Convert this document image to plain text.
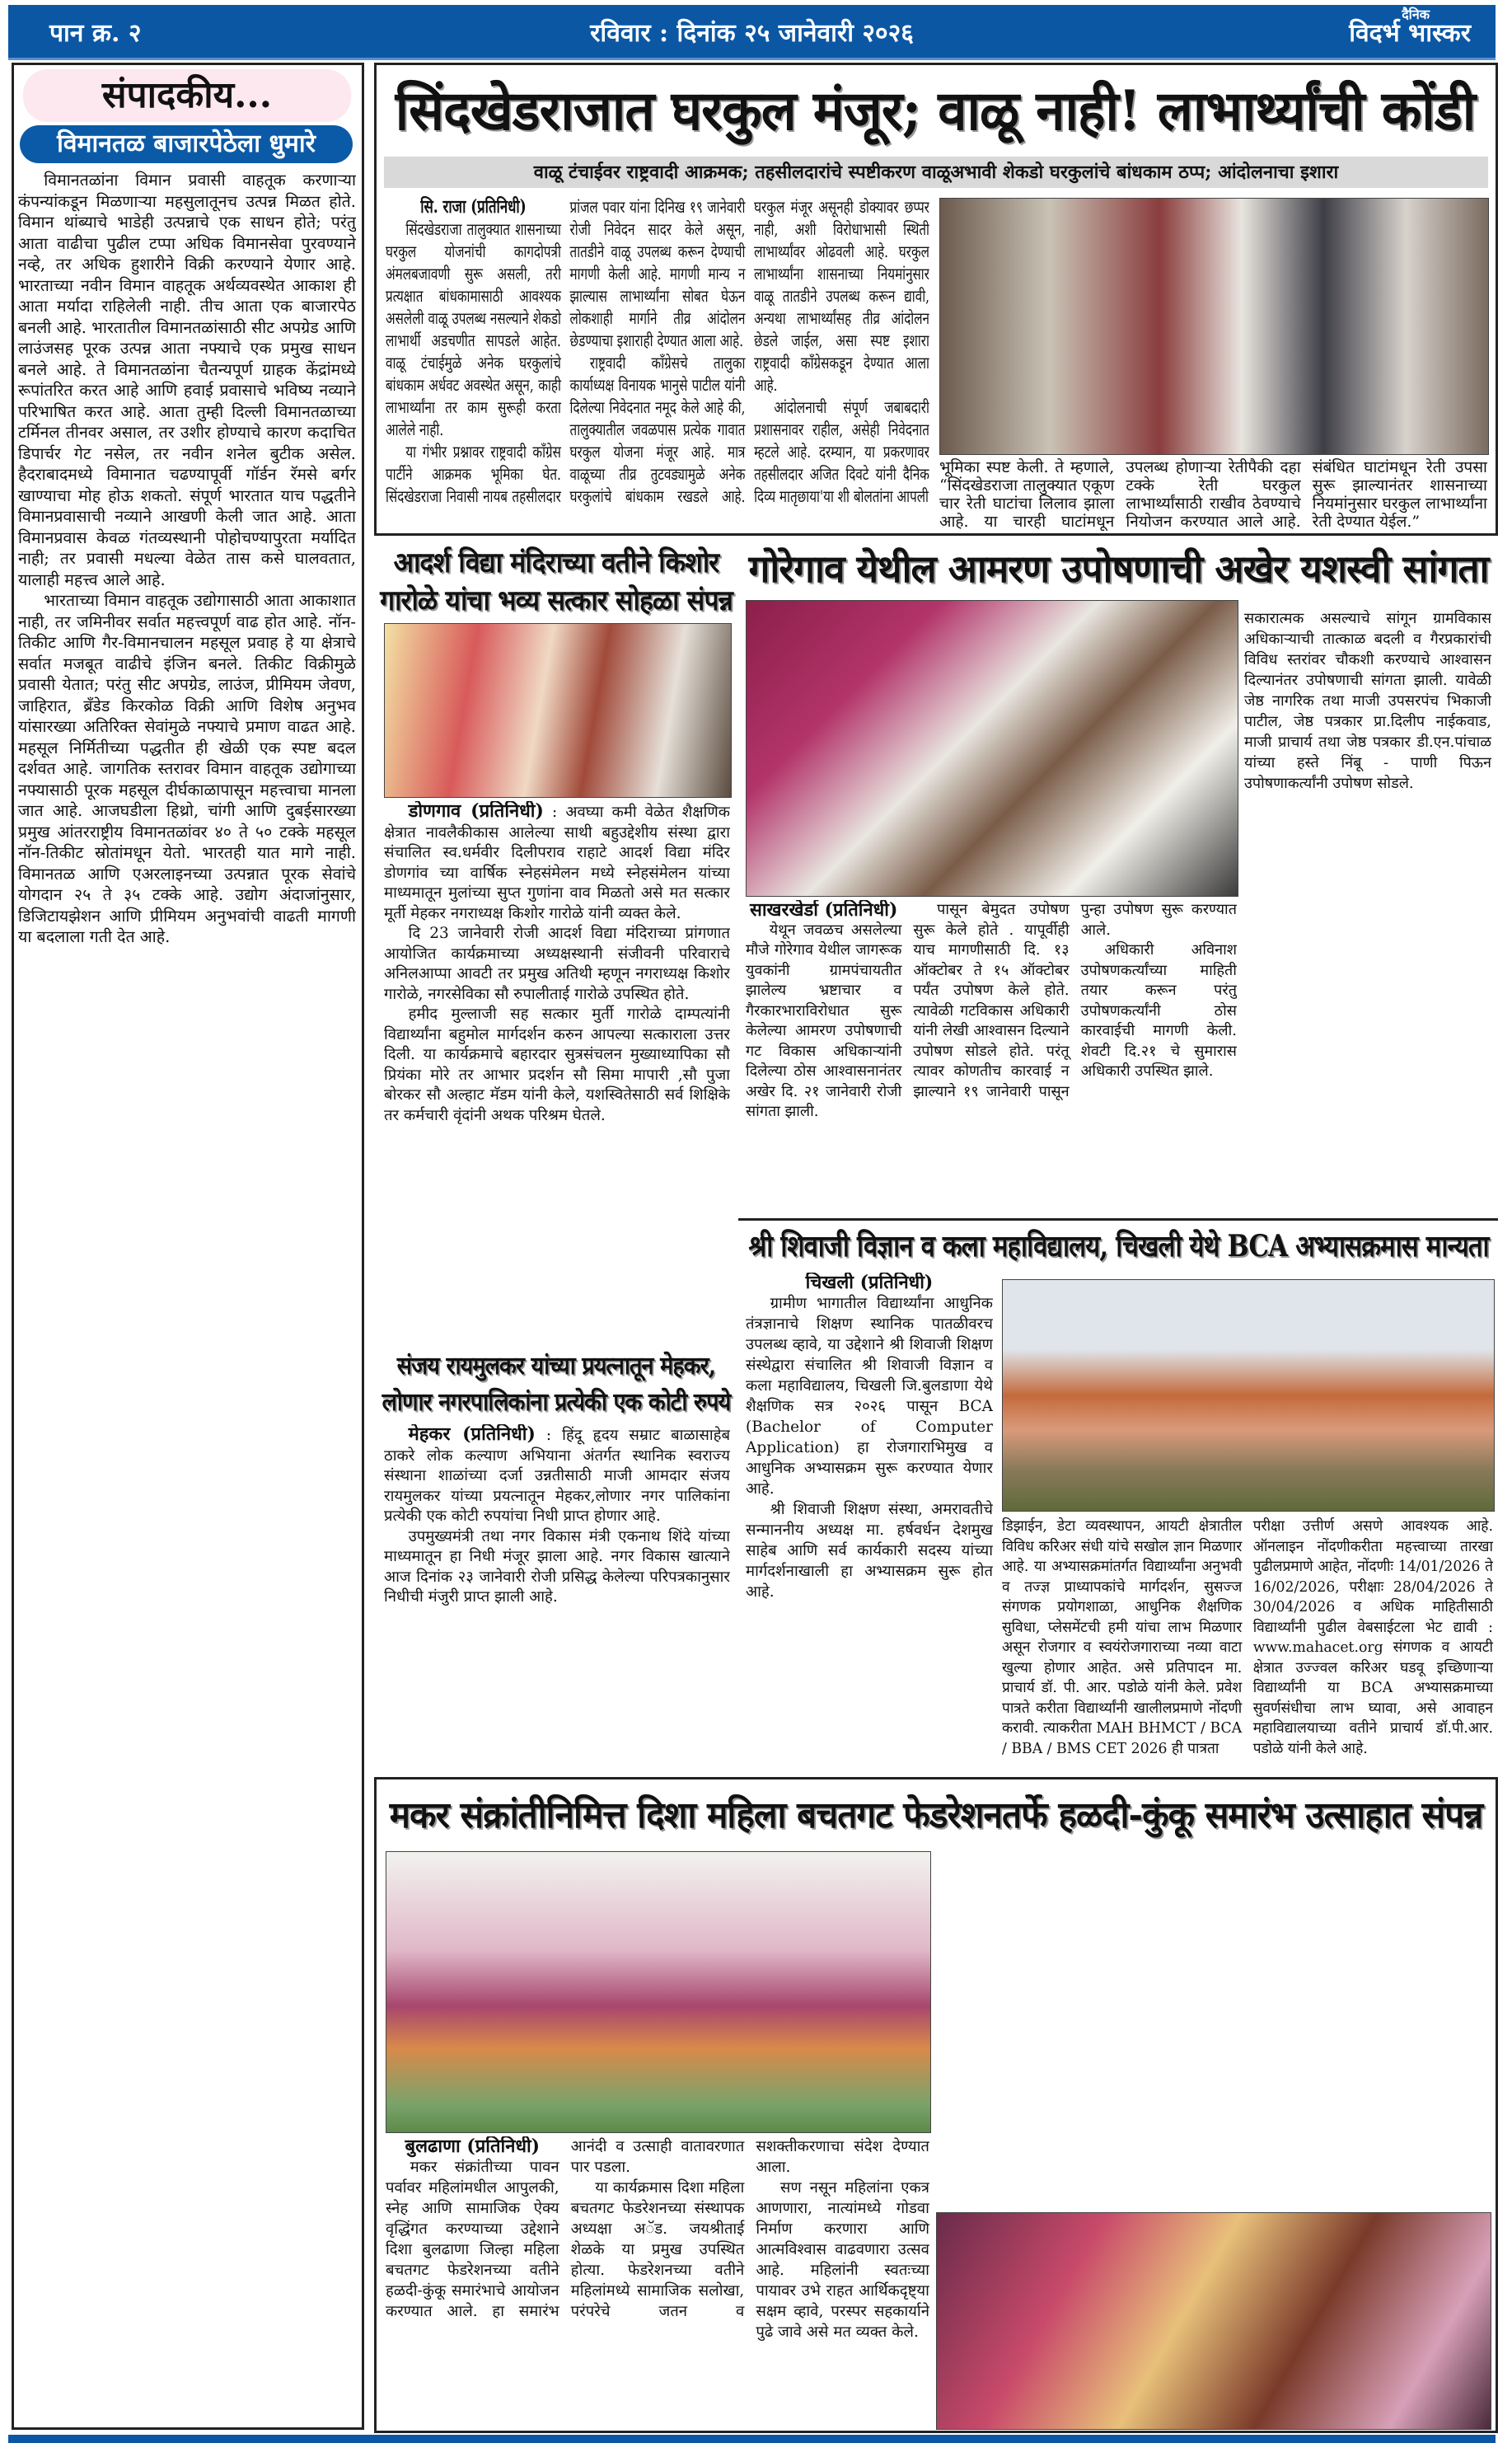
पान क्र. २	रविवार : दिनांक २५ जानेवारी २०२६
दैनिक
विदर्भ भास्कर
संपादकीय...
विमानतळ बाजारपेठेला धुमारे

विमानतळांना विमान प्रवासी वाहतूक करणाऱ्या कंपन्यांकडून मिळणाऱ्या महसुलातूनच उत्पन्न मिळत होते. विमान थांब्याचे भाडेही उत्पन्नाचे एक साधन होते; परंतु आता वाढीचा पुढील टप्पा अधिक विमानसेवा पुरवण्याने नव्हे, तर अधिक हुशारीने विक्री करण्याने येणार आहे. भारताच्या नवीन विमान वाहतूक अर्थव्यवस्थेत आकाश ही आता मर्यादा राहिलेली नाही. तीच आता एक बाजारपेठ बनली आहे. भारतातील विमानतळांसाठी सीट अपग्रेड आणि लाउंजसह पूरक उत्पन्न आता नफ्याचे एक प्रमुख साधन बनले आहे. ते विमानतळांना चैतन्यपूर्ण ग्राहक केंद्रांमध्ये रूपांतरित करत आहे आणि हवाई प्रवासाचे भविष्य नव्याने परिभाषित करत आहे. आता तुम्ही दिल्ली विमानतळाच्या टर्मिनल तीनवर असाल, तर उशीर होण्याचे कारण कदाचित डिपार्चर गेट नसेल, तर नवीन शनेल बुटीक असेल. हैदराबादमध्ये विमानात चढण्यापूर्वी गॉर्डन रॅमसे बर्गर खाण्याचा मोह होऊ शकतो. संपूर्ण भारतात याच पद्धतीने विमानप्रवासाची नव्याने आखणी केली जात आहे. आता विमानप्रवास केवळ गंतव्यस्थानी पोहोचण्यापुरता मर्यादित नाही; तर प्रवासी मधल्या वेळेत तास कसे घालवतात, यालाही महत्त्व आले आहे.

भारताच्या विमान वाहतूक उद्योगासाठी आता आकाशात नाही, तर जमिनीवर सर्वात महत्त्वपूर्ण वाढ होत आहे. नॉन-तिकीट आणि गैर-विमानचालन महसूल प्रवाह हे या क्षेत्राचे सर्वात मजबूत वाढीचे इंजिन बनले. तिकीट विक्रीमुळे प्रवासी येतात; परंतु सीट अपग्रेड, लाउंज, प्रीमियम जेवण, जाहिरात, ब्रँडेड किरकोळ विक्री आणि विशेष अनुभव यांसारख्या अतिरिक्त सेवांमुळे नफ्याचे प्रमाण वाढत आहे. महसूल निर्मितीच्या पद्धतीत ही खेळी एक स्पष्ट बदल दर्शवत आहे. जागतिक स्तरावर विमान वाहतूक उद्योगाच्या नफ्यासाठी पूरक महसूल दीर्घकाळापासून महत्त्वाचा मानला जात आहे. आजघडीला हिथ्रो, चांगी आणि दुबईसारख्या प्रमुख आंतरराष्ट्रीय विमानतळांवर ४० ते ५० टक्के महसूल नॉन-तिकीट स्रोतांमधून येतो. भारतही यात मागे नाही. विमानतळ आणि एअरलाइनच्या उत्पन्नात पूरक सेवांचे योगदान २५ ते ३५ टक्के आहे. उद्योग अंदाजांनुसार, डिजिटायझेशन आणि प्रीमियम अनुभवांची वाढती मागणी या बदलाला गती देत आहे.

सिंदखेडराजात घरकुल मंजूर; वाळू नाही! लाभार्थ्यांची कोंडी
वाळू टंचाईवर राष्ट्रवादी आक्रमक; तहसीलदारांचे स्पष्टीकरण वाळूअभावी शेकडो घरकुलांचे बांधकाम ठप्प; आंदोलनाचा इशारा
सि. राजा (प्रतिनिधी)

सिंदखेडराजा तालुक्यात शासनाच्या घरकुल योजनांची कागदोपत्री अंमलबजावणी सुरू असली, तरी प्रत्यक्षात बांधकामासाठी आवश्यक असलेली वाळू उपलब्ध नसल्याने शेकडो लाभार्थी अडचणीत सापडले आहेत. वाळू टंचाईमुळे अनेक घरकुलांचे बांधकाम अर्धवट अवस्थेत असून, काही लाभार्थ्यांना तर काम सुरूही करता आलेले नाही.

या गंभीर प्रश्नावर राष्ट्रवादी कॉंग्रेस पार्टीने आक्रमक भूमिका घेत. सिंदखेडराजा निवासी नायब तहसीलदार प्रांजल पवार यांना दिनिख १९ जानेवारी रोजी निवेदन सादर केले असून, तातडीने वाळू उपलब्ध करून देण्याची मागणी केली आहे. मागणी मान्य न झाल्यास लाभार्थ्यांना सोबत घेऊन लोकशाही मार्गाने तीव्र आंदोलन छेडण्याचा इशाराही देण्यात आला आहे.

राष्ट्रवादी कॉंग्रेसचे तालुका कार्याध्यक्ष विनायक भानुसे पाटील यांनी दिलेल्या निवेदनात नमूद केले आहे की, तालुक्यातील जवळपास प्रत्येक गावात घरकुल योजना मंजूर आहे. मात्र वाळूच्या तीव्र तुटवड्यामुळे अनेक घरकुलांचे बांधकाम रखडले आहे. घरकुल मंजूर असूनही डोक्यावर छप्पर नाही, अशी विरोधाभासी स्थिती लाभार्थ्यांवर ओढवली आहे. घरकुल लाभार्थ्यांना शासनाच्या नियमांनुसार वाळू तातडीने उपलब्ध करून द्यावी, अन्यथा लाभार्थ्यांसह तीव्र आंदोलन छेडले जाईल, असा स्पष्ट इशारा राष्ट्रवादी कॉंग्रेसकडून देण्यात आला आहे.

आंदोलनाची संपूर्ण जबाबदारी प्रशासनावर राहील, असेही निवेदनात म्हटले आहे. दरम्यान, या प्रकरणावर तहसीलदार अजित दिवटे यांनी दैनिक दिव्य मातृछाया'या शी बोलतांना आपली

भूमिका स्पष्ट केली. ते म्हणाले, “सिंदखेडराजा तालुक्यात एकूण चार रेती घाटांचा लिलाव झाला आहे. या चारही घाटांमधून उपलब्ध होणाऱ्या रेतीपैकी दहा टक्के रेती घरकुल लाभार्थ्यांसाठी राखीव ठेवण्याचे नियोजन करण्यात आले आहे. संबंधित घाटांमधून रेती उपसा सुरू झाल्यानंतर शासनाच्या नियमांनुसार घरकुल लाभार्थ्यांना रेती देण्यात येईल.”

आदर्श विद्या मंदिराच्या वतीने किशोर गारोळे यांचा भव्य सत्कार सोहळा संपन्न

डोणगाव (प्रतिनिधी) : अवघ्या कमी वेळेत शैक्षणिक क्षेत्रात नावलैकीकास आलेल्या साथी बहुउद्देशीय संस्था द्वारा संचालित स्व.धर्मवीर दिलीपराव राहाटे आदर्श विद्या मंदिर डोणगांव च्या वार्षिक स्नेहसंमेलन मध्ये स्नेहसंमेलन यांच्या माध्यमातून मुलांच्या सुप्त गुणांना वाव मिळतो असे मत सत्कार मूर्ती मेहकर नगराध्यक्ष किशोर गारोळे यांनी व्यक्त केले.

दि 23 जानेवारी रोजी आदर्श विद्या मंदिराच्या प्रांगणात आयोजित कार्यक्रमाच्या अध्यक्षस्थानी संजीवनी परिवाराचे अनिलआप्पा आवटी तर प्रमुख अतिथी म्हणून नगराध्यक्ष किशोर गारोळे, नगरसेविका सौ रुपालीताई गारोळे उपस्थित होते.

हमीद मुल्लाजी सह सत्कार मुर्ती गारोळे दाम्पत्यांनी विद्यार्थ्यांना बहुमोल मार्गदर्शन करुन आपल्या सत्काराला उत्तर दिली. या कार्यक्रमाचे बहारदार सुत्रसंचलन मुख्याध्यापिका सौ प्रियंका मोरे तर आभार प्रदर्शन सौ सिमा मापारी ,सौ पुजा बोरकर सौ अल्हाट मॅडम यांनी केले, यशस्वितेसाठी सर्व शिक्षिके तर कर्मचारी वृंदांनी अथक परिश्रम घेतले.

गोरेगाव येथील आमरण उपोषणाची अखेर यशस्वी सांगता
साखरखेर्डा (प्रतिनिधी)

येथून जवळच असलेल्या मौजे गोरेगाव येथील जागरूक युवकांनी ग्रामपंचायतीत झालेल्य भ्रष्टाचार व गैरकारभाराविरोधात सुरू केलेल्या आमरण उपोषणाची गट विकास अधिकाऱ्यांनी दिलेल्या ठोस आश्वासनानंतर अखेर दि. २१ जानेवारी रोजी सांगता झाली.

पासून बेमुदत उपोषण सुरू केले होते . यापूर्वीही याच मागणीसाठी दि. १३ ऑक्टोबर ते १५ ऑक्टोबर पर्यंत उपोषण केले होते. त्यावेळी गटविकास अधिकारी यांनी लेखी आश्वासन दिल्याने उपोषण सोडले होते. परंतू त्यावर कोणतीच कारवाई न झाल्याने १९ जानेवारी पासून पुन्हा उपोषण सुरू करण्यात आले.

अधिकारी अविनाश उपोषणकर्त्यांच्या माहिती तयार करून परंतु उपोषणकर्त्यांनी ठोस कारवाईची मागणी केली. शेवटी दि.२१ चे सुमारास अधिकारी उपस्थित झाले.

सकारात्मक असल्याचे सांगून ग्रामविकास अधिकाऱ्याची तात्काळ बदली व गैरप्रकारांची विविध स्तरांवर चौकशी करण्याचे आश्वासन दिल्यानंतर उपोषणाची सांगता झाली. यावेळी जेष्ठ नागरिक तथा माजी उपसरपंच भिकाजी पाटील, जेष्ठ पत्रकार प्रा.दिलीप नाईकवाड, माजी प्राचार्य तथा जेष्ठ पत्रकार डी.एन.पांचाळ यांच्या हस्ते निंबू - पाणी पिऊन उपोषणाकर्त्यांनी उपोषण सोडले.

संजय रायमुलकर यांच्या प्रयत्नातून मेहकर, लोणार नगरपालिकांना प्रत्येकी एक कोटी रुपये

मेहकर (प्रतिनिधी) : हिंदू हृदय सम्राट बाळासाहेब ठाकरे लोक कल्याण अभियाना अंतर्गत स्थानिक स्वराज्य संस्थाना शाळांच्या दर्जा उन्नतीसाठी माजी आमदार संजय रायमुलकर यांच्या प्रयत्नातून मेहकर,लोणार नगर पालिकांना प्रत्येकी एक कोटी रुपयांचा निधी प्राप्त होणार आहे.

उपमुख्यमंत्री तथा नगर विकास मंत्री एकनाथ शिंदे यांच्या माध्यमातून हा निधी मंजूर झाला आहे. नगर विकास खात्याने आज दिनांक २३ जानेवारी रोजी प्रसिद्ध केलेल्या परिपत्रकानुसार निधीची मंजुरी प्राप्त झाली आहे.

श्री शिवाजी विज्ञान व कला महाविद्यालय, चिखली येथे BCA अभ्यासक्रमास मान्यता
चिखली (प्रतिनिधी)

ग्रामीण भागातील विद्यार्थ्यांना आधुनिक तंत्रज्ञानाचे शिक्षण स्थानिक पातळीवरच उपलब्ध व्हावे, या उद्देशाने श्री शिवाजी शिक्षण संस्थेद्वारा संचालित श्री शिवाजी विज्ञान व कला महाविद्यालय, चिखली जि.बुलडाणा येथे शैक्षणिक सत्र २०२६ पासून BCA (Bachelor of Computer Application) हा रोजगाराभिमुख व आधुनिक अभ्यासक्रम सुरू करण्यात येणार आहे.

श्री शिवाजी शिक्षण संस्था, अमरावतीचे सन्माननीय अध्यक्ष मा. हर्षवर्धन देशमुख साहेब आणि सर्व कार्यकारी सदस्य यांच्या मार्गदर्शनाखाली हा अभ्यासक्रम सुरू होत आहे.

डिझाईन, डेटा व्यवस्थापन, आयटी क्षेत्रातील विविध करिअर संधी यांचे सखोल ज्ञान मिळणार आहे. या अभ्यासक्रमांतर्गत विद्यार्थ्यांना अनुभवी व तज्ज्ञ प्राध्यापकांचे मार्गदर्शन, सुसज्ज संगणक प्रयोगशाळा, आधुनिक शैक्षणिक सुविधा, प्लेसमेंटची हमी यांचा लाभ मिळणार असून रोजगार व स्वयंरोजगाराच्या नव्या वाटा खुल्या होणार आहेत. असे प्रतिपादन मा. प्राचार्य डॉ. पी. आर. पडोळे यांनी केले. प्रवेश पात्रते करीता विद्यार्थ्यांनी खालीलप्रमाणे नोंदणी करावी. त्याकरीता MAH BHMCT / BCA / BBA / BMS CET 2026 ही पात्रता

परीक्षा उत्तीर्ण असणे आवश्यक आहे. ऑनलाइन नोंदणीकरीता महत्त्वाच्या तारखा पुढीलप्रमाणे आहेत, नोंदणीः 14/01/2026 ते 16/02/2026, परीक्षाः 28/04/2026 ते 30/04/2026 व अधिक माहितीसाठी विद्यार्थ्यांनी पुढील वेबसाईटला भेट द्यावी : www.mahacet.org संगणक व आयटी क्षेत्रात उज्ज्वल करिअर घडवू इच्छिणाऱ्या विद्यार्थ्यांनी या BCA अभ्यासक्रमाच्या सुवर्णसंधीचा लाभ घ्यावा, असे आवाहन महाविद्यालयाच्या वतीने प्राचार्य डॉ.पी.आर. पडोळे यांनी केले आहे.

मकर संक्रांतीनिमित्त दिशा महिला बचतगट फेडरेशनतर्फे हळदी-कुंकू समारंभ उत्साहात संपन्न
बुलढाणा (प्रतिनिधी)

मकर संक्रांतीच्या पावन पर्वावर महिलांमधील आपुलकी, स्नेह आणि सामाजिक ऐक्य वृद्धिंगत करण्याच्या उद्देशाने दिशा बुलढाणा जिल्हा महिला बचतगट फेडरेशनच्या वतीने हळदी-कुंकू समारंभाचे आयोजन करण्यात आले. हा समारंभ आनंदी व उत्साही वातावरणात पार पडला.

या कार्यक्रमास दिशा महिला बचतगट फेडरेशनच्या संस्थापक अध्यक्षा अॅड. जयश्रीताई शेळके या प्रमुख उपस्थित होत्या. फेडरेशनच्या वतीने महिलांमध्ये सामाजिक सलोखा, परंपरेचे जतन व सशक्तीकरणाचा संदेश देण्यात आला.

सण नसून महिलांना एकत्र आणणारा, नात्यांमध्ये गोडवा निर्माण करणारा आणि आत्मविश्वास वाढवणारा उत्सव आहे. महिलांनी स्वतःच्या पायावर उभे राहत आर्थिकदृष्ट्या सक्षम व्हावे, परस्पर सहकार्याने पुढे जावे असे मत व्यक्त केले.
